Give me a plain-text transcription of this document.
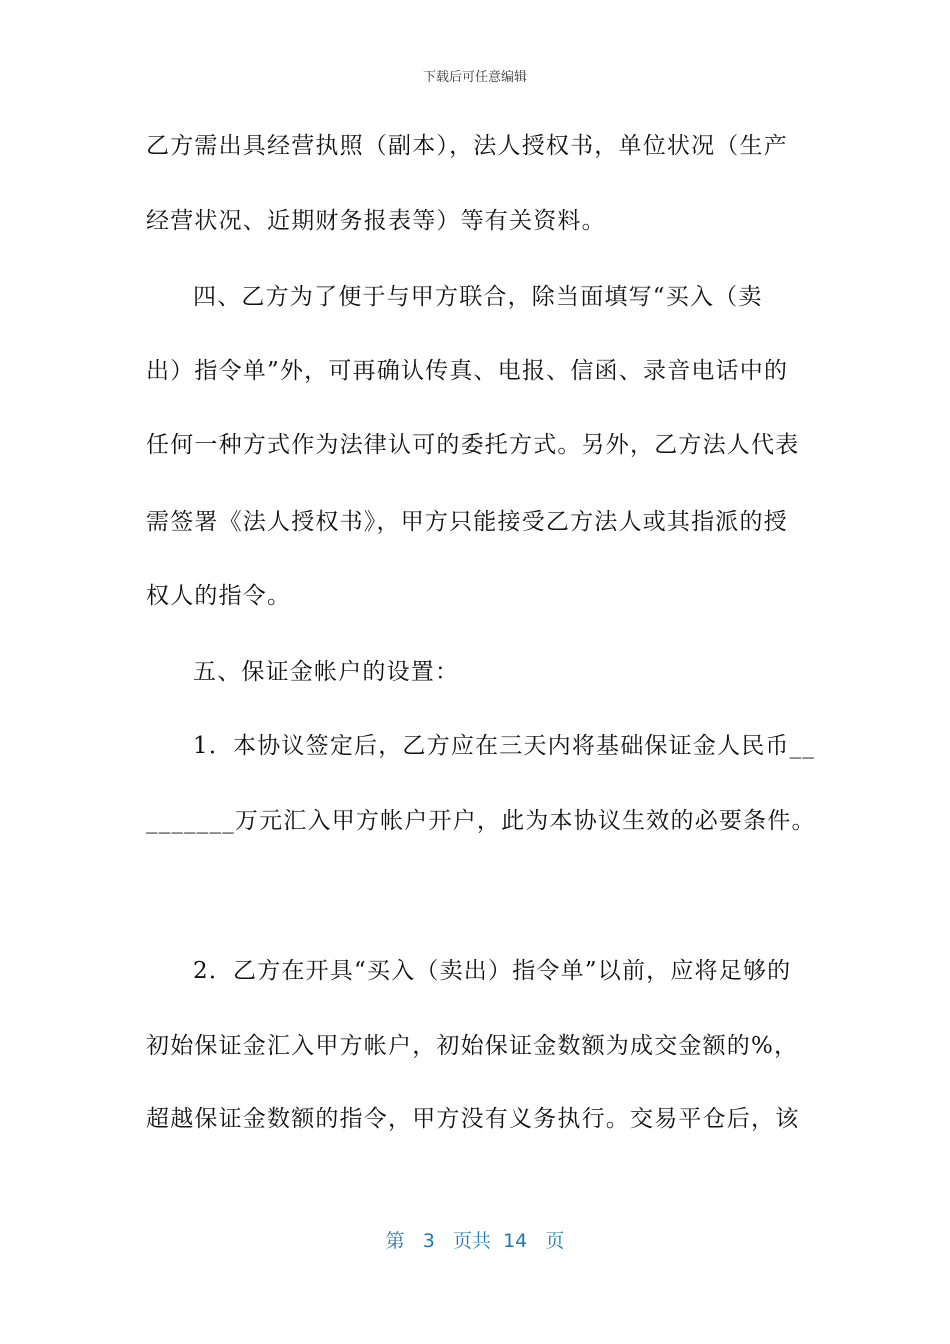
下载后可任意编辑
乙方需出具经营执照（副本），法人授权书，单位状况（生产
经营状况、近期财务报表等）等有关资料。
四、乙方为了便于与甲方联合，除当面填写“买入（卖
出）指令单”外，可再确认传真、电报、信函、录音电话中的
任何一种方式作为法律认可的委托方式。另外，乙方法人代表
需签署《法人授权书》，甲方只能接受乙方法人或其指派的授
权人的指令。
五、保证金帐户的设置：
1．本协议签定后，乙方应在三天内将基础保证金人民币__
_______万元汇入甲方帐户开户，此为本协议生效的必要条件。
2．乙方在开具“买入（卖出）指令单”以前，应将足够的
初始保证金汇入甲方帐户，初始保证金数额为成交金额的%，
超越保证金数额的指令，甲方没有义务执行。交易平仓后，该
第 3 页共 14 页
